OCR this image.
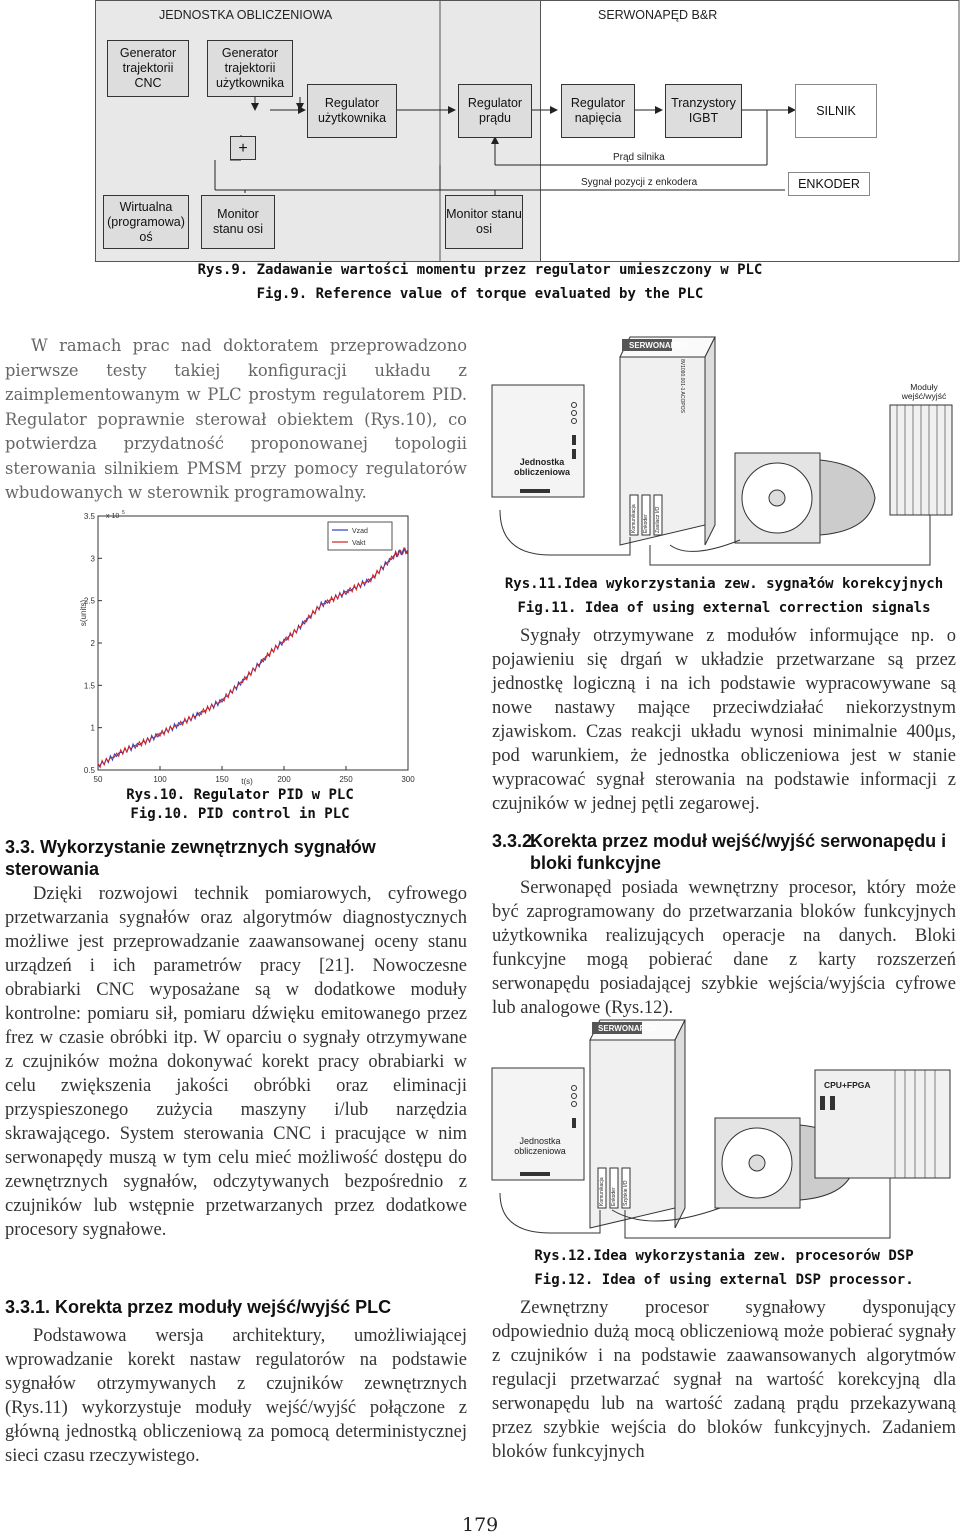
JEDNOSTKA OBLICZENIOWA	SERWONAPĘD B&R
Generator trajektorii CNC
Generator trajektorii użytkownika
Regulator użytkownika
+
Regulator prądu
Regulator napięcia
Tranzystory IGBT
SILNIK
ENKODER
Prąd silnika
Sygnał pozycji z enkodera
Wirtualna (programowa) oś
Monitor stanu osi
Monitor stanu osi
Rys.9. Zadawanie wartości momentu przez regulator umieszczony w PLC
Fig.9. Reference value of torque evaluated by the PLC
W ramach prac nad doktoratem przeprowadzono pierwsze testy takiej konfiguracji układu z zaimplementowanym w PLC prostym regulatorem PID. Regulator poprawnie sterował obiektem (Rys.10), co potwierdza przydatność proponowanej topologii sterowania silnikiem PMSM przy pomocy regulatorów wbudowanych w sterownik programowalny.
50	100	150	200	250	300
0.5
1
1.5
2
2.5
3
3.5 x 10 5
t(s)
s(units)
Vzad
Vakt
Rys.10. Regulator PID w PLC
Fig.10. PID control in PLC
3.3. Wykorzystanie zewnętrznych sygnałów sterowania
Dzięki rozwojowi technik pomiarowych, cyfrowego przetwarzania sygnałów oraz algorytmów diagnostycznych możliwe jest przeprowadzanie zaawansowanej oceny stanu urządzeń i ich parametrów pracy [21]. Nowoczesne obrabiarki CNC wyposażane są w dodatkowe moduły kontrolne: pomiaru sił, pomiaru dźwięku emitowanego przez frez w czasie obróbki itp. W oparciu o sygnały otrzymywane z czujników można dokonywać korekt pracy obrabiarki w celu zwiększenia jakości obróbki oraz eliminacji przyspieszonego zużycia maszyny i/lub narzędzia skrawającego. System sterowania CNC i pracujące w nim serwonapędy muszą w tym celu mieć możliwość dostępu do zewnętrznych sygnałów, odczytywanych bezpośrednio z czujników lub wstępnie przetwarzanych przez dodatkowe procesory sygnałowe.
3.3.1. Korekta przez moduły wejść/wyjść PLC
Podstawowa wersja architektury, umożliwiającej wprowadzanie korekt nastaw regulatorów na podstawie sygnałów otrzymywanych z czujników zewnętrznych (Rys.11) wykorzystuje moduły wejść/wyjść połączone z główną jednostką obliczeniową za pomocą deterministycznej sieci czasu rzeczywistego.
SERWONAPĘD
8V1090.001-1 ACOPOS
Jednostka obliczeniowa
Moduły wejść/wyjść
Komunikacja Enkoder Zasilacz I/O
Rys.11.Idea wykorzystania zew. sygnałów korekcyjnych
Fig.11. Idea of using external correction signals
Sygnały otrzymywane z modułów informujące np. o pojawieniu się drgań w układzie przetwarzane są przez jednostkę logiczną i na ich podstawie wypracowywane są nowe nastawy mające przeciwdziałać niekorzystnym zjawiskom. Czas reakcji układu wynosi minimalnie 400μs, pod warunkiem, że jednostka obliczeniowa jest w stanie wypracować sygnał sterowania na podstawie informacji z czujników w jednej pętli zegarowej.
3.3.2.
Korekta przez moduł wejść/wyjść serwonapędu i bloki funkcyjne
Serwonapęd posiada wewnętrzny procesor, który może być zaprogramowany do przetwarzania bloków funkcyjnych użytkownika realizujących operacje na danych. Bloki funkcyjne mogą pobierać dane z karty rozszerzeń serwonapędu posiadającej szybkie wejścia/wyjścia cyfrowe lub analogowe (Rys.12).
SERWONAPĘD
Jednostka obliczeniowa
CPU+FPGA
Komunikacja Enkoder Szybkie I/O
Rys.12.Idea wykorzystania zew. procesorów DSP
Fig.12. Idea of using external DSP processor.
Zewnętrzny procesor sygnałowy dysponujący odpowiednio dużą mocą obliczeniową może pobierać sygnały z czujników i na podstawie zaawansowanych algorytmów regulacji przetwarzać sygnał na wartość korekcyjną dla serwonapędu lub na wartość zadaną prądu przekazywaną przez szybkie wejścia do bloków funkcyjnych. Zadaniem bloków funkcyjnych
179
